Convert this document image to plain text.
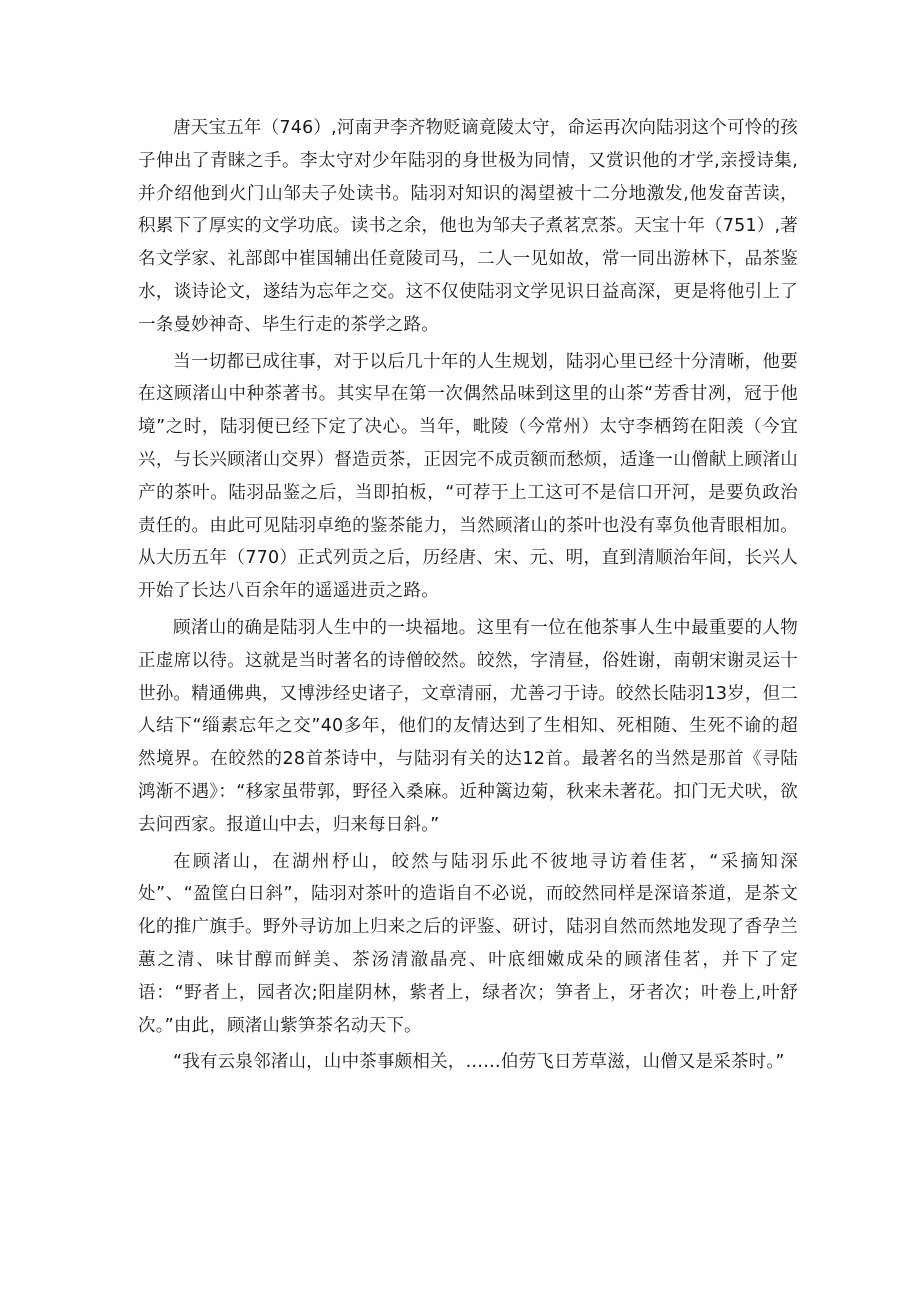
唐天宝五年（746）,河南尹李齐物贬谪竟陵太守，命运再次向陆羽这个可怜的孩子伸出了青睐之手。李太守对少年陆羽的身世极为同情，又赏识他的才学,亲授诗集,并介绍他到火门山邹夫子处读书。陆羽对知识的渴望被十二分地激发,他发奋苦读，积累下了厚实的文学功底。读书之余，他也为邹夫子煮茗烹茶。天宝十年（751）,著名文学家、礼部郎中崔国辅出任竟陵司马，二人一见如故，常一同出游林下，品茶鉴水，谈诗论文，遂结为忘年之交。这不仅使陆羽文学见识日益高深，更是将他引上了一条曼妙神奇、毕生行走的茶学之路。

当一切都已成往事，对于以后几十年的人生规划，陆羽心里已经十分清晰，他要在这顾渚山中种茶著书。其实早在第一次偶然品味到这里的山茶“芳香甘冽，冠于他境”之时，陆羽便已经下定了决心。当年，毗陵（今常州）太守李栖筠在阳羡（今宜兴，与长兴顾渚山交界）督造贡茶，正因完不成贡额而愁烦，适逢一山僧献上顾渚山产的茶叶。陆羽品鉴之后，当即拍板，“可荐于上工这可不是信口开河，是要负政治责任的。由此可见陆羽卓绝的鉴茶能力，当然顾渚山的茶叶也没有辜负他青眼相加。从大历五年（770）正式列贡之后，历经唐、宋、元、明，直到清顺治年间，长兴人开始了长达八百余年的遥遥进贡之路。

顾渚山的确是陆羽人生中的一块福地。这里有一位在他茶事人生中最重要的人物正虚席以待。这就是当时著名的诗僧皎然。皎然，字清昼，俗姓谢，南朝宋谢灵运十世孙。精通佛典，又博涉经史诸子，文章清丽，尤善刁于诗。皎然长陆羽13岁，但二人结下“缁素忘年之交”40多年，他们的友情达到了生相知、死相随、生死不谕的超然境界。在皎然的28首茶诗中，与陆羽有关的达12首。最著名的当然是那首《寻陆鸿渐不遇》：“移家虽带郭，野径入桑麻。近种篱边菊，秋来未著花。扣门无犬吠，欲去问西家。报道山中去，归来每日斜。”

在顾渚山，在湖州杼山，皎然与陆羽乐此不彼地寻访着佳茗，“采摘知深处”、“盈筐白日斜”，陆羽对茶叶的造诣自不必说，而皎然同样是深谙茶道，是茶文化的推广旗手。野外寻访加上归来之后的评鉴、研讨，陆羽自然而然地发现了香孕兰蕙之清、味甘醇而鲜美、茶汤清澈晶亮、叶底细嫩成朵的顾渚佳茗，并下了定语：“野者上，园者次;阳崖阴林，紫者上，绿者次；笋者上，牙者次；叶卷上,叶舒次。”由此，顾渚山紫笋茶名动天下。

“我有云泉邻渚山，山中茶事颇相关，……伯劳飞日芳草滋，山僧又是采茶时。”
